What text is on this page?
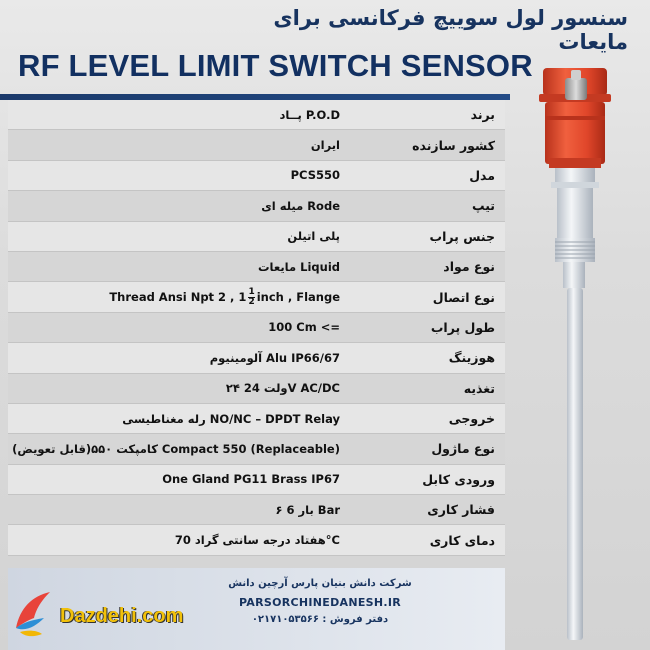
سنسور لول سوییچ فرکانسی برای مایعات
RF LEVEL LIMIT SWITCH SENSOR
برند
پــاد P.O.D
کشور سازنده
ایران
مدل
PCS550
تیپ
میله ای Rode
جنس پراب
پلی اتیلن
نوع مواد
مایعات Liquid
نوع اتصال
Thread Ansi Npt 2 , $1 \frac{1}{2}$ inch , Flange
طول پراب
100 Cm <=
هوزینگ
آلومینیوم Alu IP66/67
تغذیه
۲۴ ولت 24V AC/DC
خروجی
رله مغناطیسی NO/NC – DPDT Relay
نوع ماژول
کامپکت ۵۵۰(قابل تعویض) Compact 550 (Replaceable)
ورودی کابل
One Gland PG11 Brass IP67
فشار کاری
۶ بار 6 Bar
دمای کاری
هفتاد درجه سانتی گراد 70°C
شرکت دانش بنیان پارس آرچین دانش
PARSORCHINEDANESH.IR
دفتر فروش : ۰۲۱۷۱۰۵۳۵۶۶
Dazdehi.com
